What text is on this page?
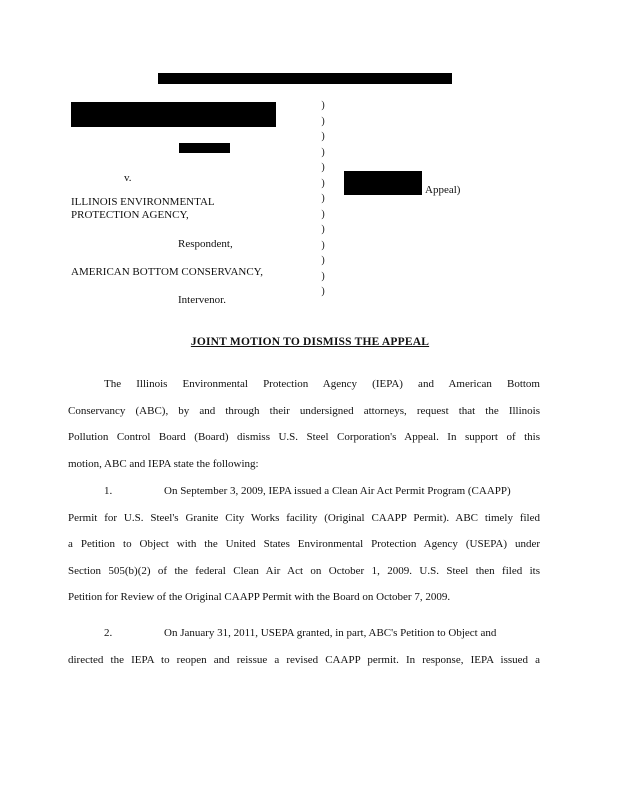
v.
ILLINOIS ENVIRONMENTAL
PROTECTION AGENCY,
Respondent,
AMERICAN BOTTOM CONSERVANCY,
Intervenor.
)
)
)
)
)
)
)
)
)
)
)
)
)
Appeal)
JOINT MOTION TO DISMISS THE APPEAL
The Illinois Environmental Protection Agency (IEPA) and American Bottom
Conservancy (ABC), by and through their undersigned attorneys, request that the Illinois
Pollution Control Board (Board) dismiss U.S. Steel Corporation's Appeal. In support of this
motion, ABC and IEPA state the following:
1.	On September 3, 2009, IEPA issued a Clean Air Act Permit Program (CAAPP)
Permit for U.S. Steel's Granite City Works facility (Original CAAPP Permit). ABC timely filed
a Petition to Object with the United States Environmental Protection Agency (USEPA) under
Section 505(b)(2) of the federal Clean Air Act on October 1, 2009. U.S. Steel then filed its
Petition for Review of the Original CAAPP Permit with the Board on October 7, 2009.
2.	On January 31, 2011, USEPA granted, in part, ABC's Petition to Object and
directed the IEPA to reopen and reissue a revised CAAPP permit. In response, IEPA issued a
